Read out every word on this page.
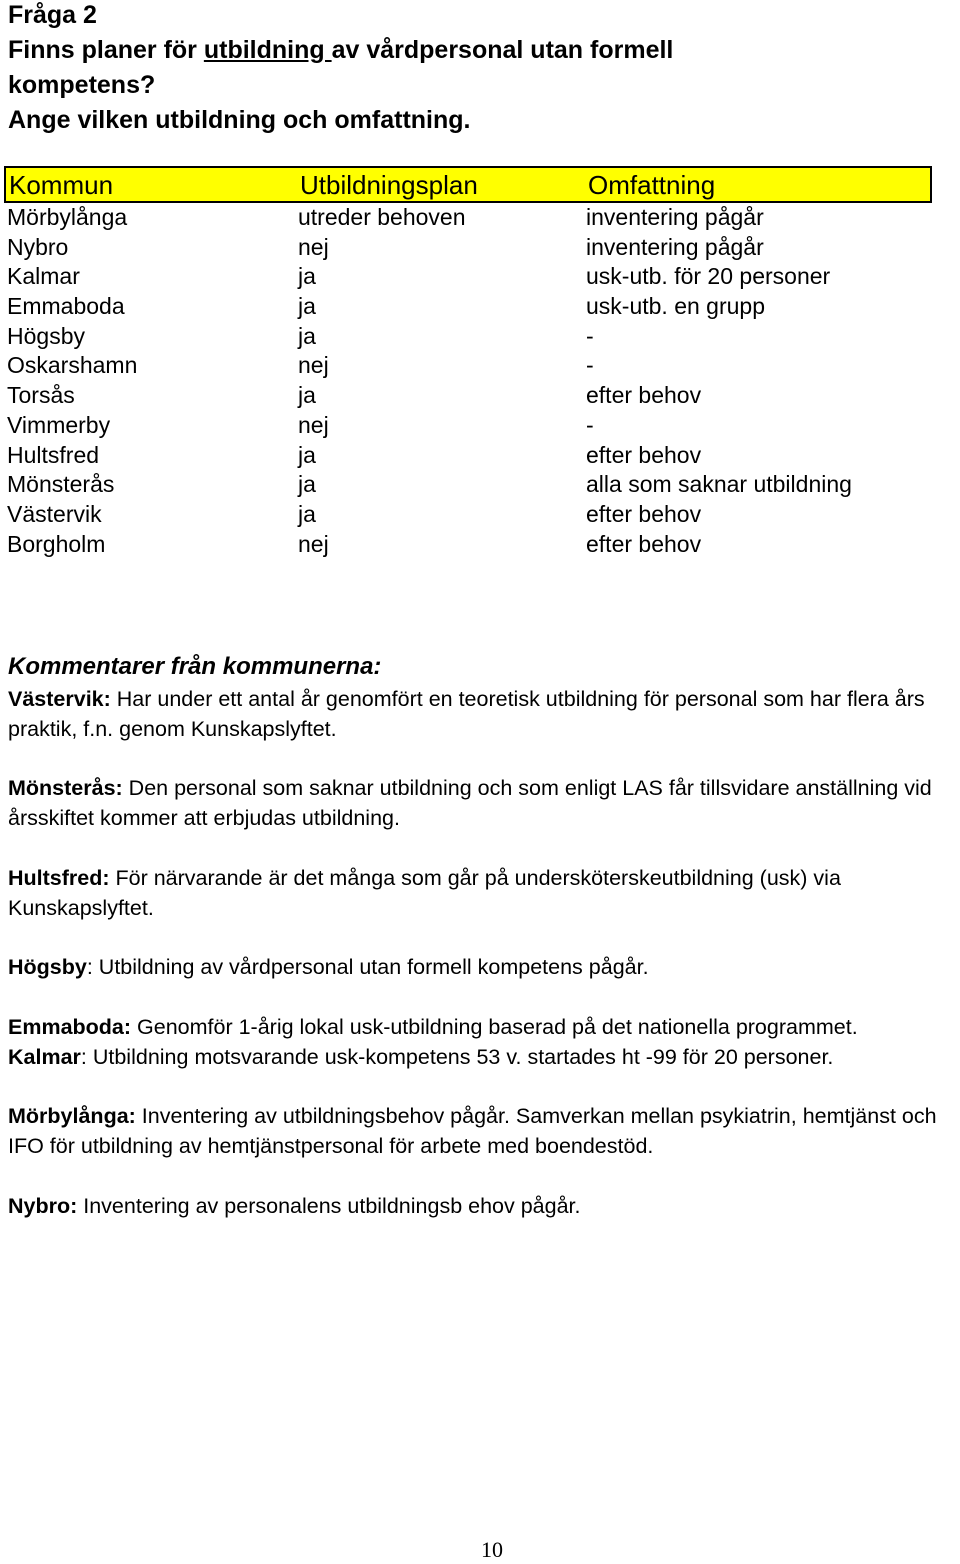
Fråga 2
Finns planer för utbildning av vårdpersonal utan formell
kompetens?
Ange vilken utbildning och omfattning.
Kommun	Utbildningsplan	Omfattning
Mörbylånga	utreder behoven	inventering pågår
Nybro	nej	inventering pågår
Kalmar	ja	usk-utb. för 20 personer
Emmaboda	ja	usk-utb. en grupp
Högsby	ja	-
Oskarshamn	nej	-
Torsås	ja	efter behov
Vimmerby	nej	-
Hultsfred	ja	efter behov
Mönsterås	ja	alla som saknar utbildning
Västervik	ja	efter behov
Borgholm	nej	efter behov
Kommentarer från kommunerna:
Västervik: Har under ett antal år genomfört en teoretisk utbildning för personal som har flera års praktik, f.n. genom Kunskapslyftet.
Mönsterås: Den personal som saknar utbildning och som enligt LAS får tillsvidare anställning vid årsskiftet kommer att erbjudas utbildning.
Hultsfred: För närvarande är det många som går på undersköterskeutbildning (usk) via Kunskapslyftet.
Högsby: Utbildning av vårdpersonal utan formell kompetens pågår.
Emmaboda: Genomför 1-årig lokal usk-utbildning baserad på det nationella programmet.
Kalmar: Utbildning motsvarande usk-kompetens 53 v. startades ht -99 för 20 personer.
Mörbylånga: Inventering av utbildningsbehov pågår. Samverkan mellan psykiatrin, hemtjänst och IFO för utbildning av hemtjänstpersonal för arbete med boendestöd.
Nybro: Inventering av personalens utbildningsb ehov pågår.
10
